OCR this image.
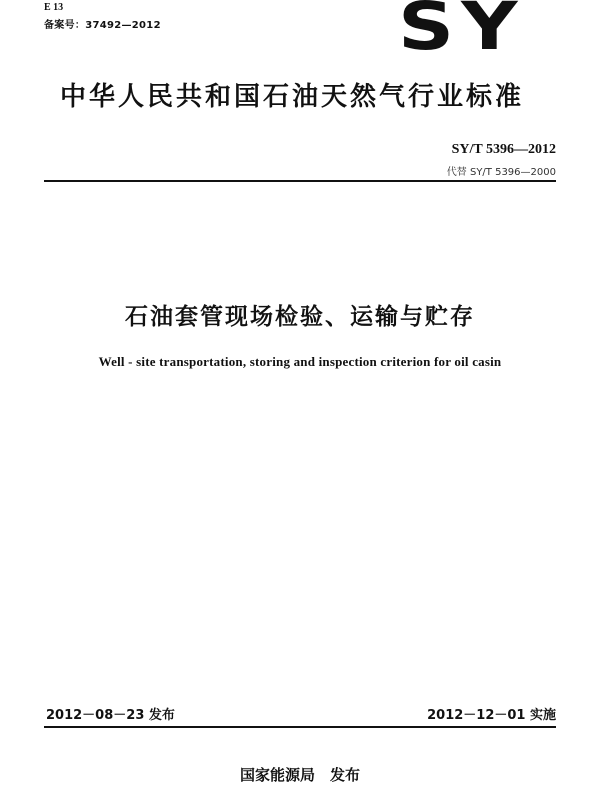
E 13
备案号：37492—2012	SY
中华人民共和国石油天然气行业标准
SY/T 5396—2012
代替 SY/T 5396—2000
石油套管现场检验、运输与贮存
Well - site transportation, storing and inspection criterion for oil casin
2012－08－23 发布	2012－12－01 实施
国家能源局　发布
